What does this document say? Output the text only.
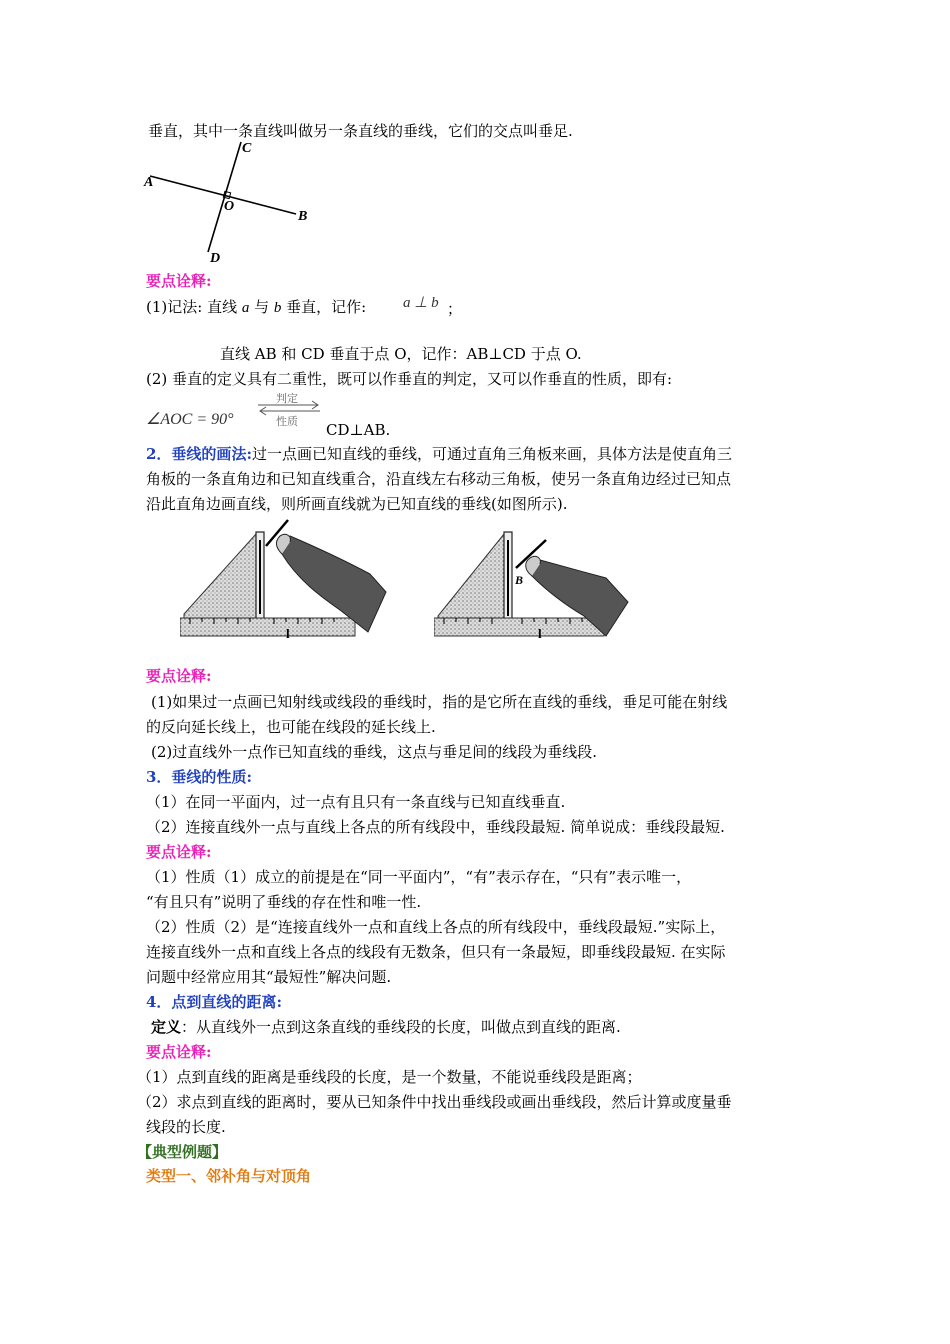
垂直，其中一条直线叫做另一条直线的垂线，它们的交点叫垂足.
A
B
C
D
O
要点诠释:
(1)记法: 直线 a 与 b 垂直，记作: a ⊥ b ；
直线 AB 和 CD 垂直于点 O，记作：AB⊥CD 于点 O.
(2) 垂直的定义具有二重性，既可以作垂直的判定，又可以作垂直的性质，即有:
∠AOC = 90°
判定
性质 CD⊥AB.
2．垂线的画法:过一点画已知直线的垂线，可通过直角三角板来画，具体方法是使直角三
角板的一条直角边和已知直线重合，沿直线左右移动三角板，使另一条直角边经过已知点
沿此直角边画直线，则所画直线就为已知直线的垂线(如图所示).
l
B
l
要点诠释:
(1)如果过一点画已知射线或线段的垂线时，指的是它所在直线的垂线，垂足可能在射线
的反向延长线上，也可能在线段的延长线上.
(2)过直线外一点作已知直线的垂线，这点与垂足间的线段为垂线段.
3．垂线的性质:
（1）在同一平面内，过一点有且只有一条直线与已知直线垂直.
（2）连接直线外一点与直线上各点的所有线段中，垂线段最短. 简单说成：垂线段最短.
要点诠释:
（1）性质（1）成立的前提是在“同一平面内”，“有”表示存在，“只有”表示唯一，
“有且只有”说明了垂线的存在性和唯一性.
（2）性质（2）是“连接直线外一点和直线上各点的所有线段中，垂线段最短.”实际上，
连接直线外一点和直线上各点的线段有无数条，但只有一条最短，即垂线段最短. 在实际
问题中经常应用其“最短性”解决问题.
4．点到直线的距离:
定义：从直线外一点到这条直线的垂线段的长度，叫做点到直线的距离.
要点诠释:
（1）点到直线的距离是垂线段的长度，是一个数量，不能说垂线段是距离；
（2）求点到直线的距离时，要从已知条件中找出垂线段或画出垂线段，然后计算或度量垂
线段的长度.
【典型例题】
类型一、邻补角与对顶角
